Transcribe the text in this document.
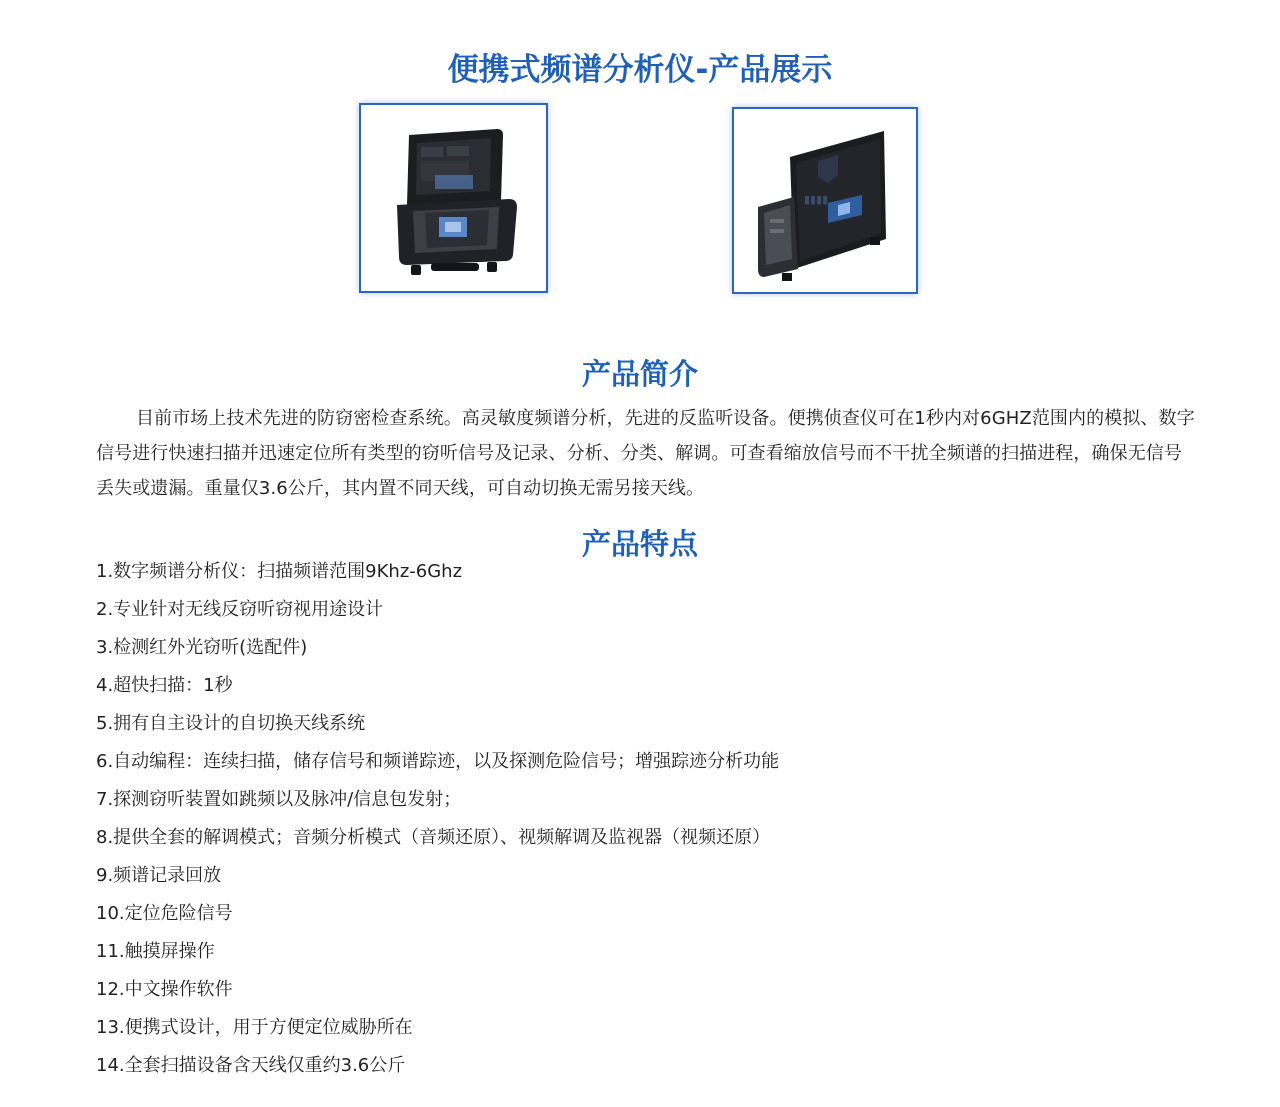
便携式频谱分析仪-产品展示
▮▮▮▮
产品简介

目前市场上技术先进的防窃密检查系统。高灵敏度频谱分析，先进的反监听设备。便携侦查仪可在1秒内对6GHZ范围内的模拟、数字信号进行快速扫描并迅速定位所有类型的窃听信号及记录、分析、分类、解调。可查看缩放信号而不干扰全频谱的扫描进程，确保无信号丢失或遗漏。重量仅3.6公斤，其内置不同天线，可自动切换无需另接天线。

产品特点
1.数字频谱分析仪：扫描频谱范围9Khz-6Ghz
2.专业针对无线反窃听窃视用途设计
3.检测红外光窃听(选配件)
4.超快扫描：1秒
5.拥有自主设计的自切换天线系统
6.自动编程：连续扫描，储存信号和频谱踪迹，以及探测危险信号；增强踪迹分析功能
7.探测窃听装置如跳频以及脉冲/信息包发射；
8.提供全套的解调模式；音频分析模式（音频还原）、视频解调及监视器（视频还原）
9.频谱记录回放
10.定位危险信号
11.触摸屏操作
12.中文操作软件
13.便携式设计，用于方便定位威胁所在
14.全套扫描设备含天线仅重约3.6公斤
